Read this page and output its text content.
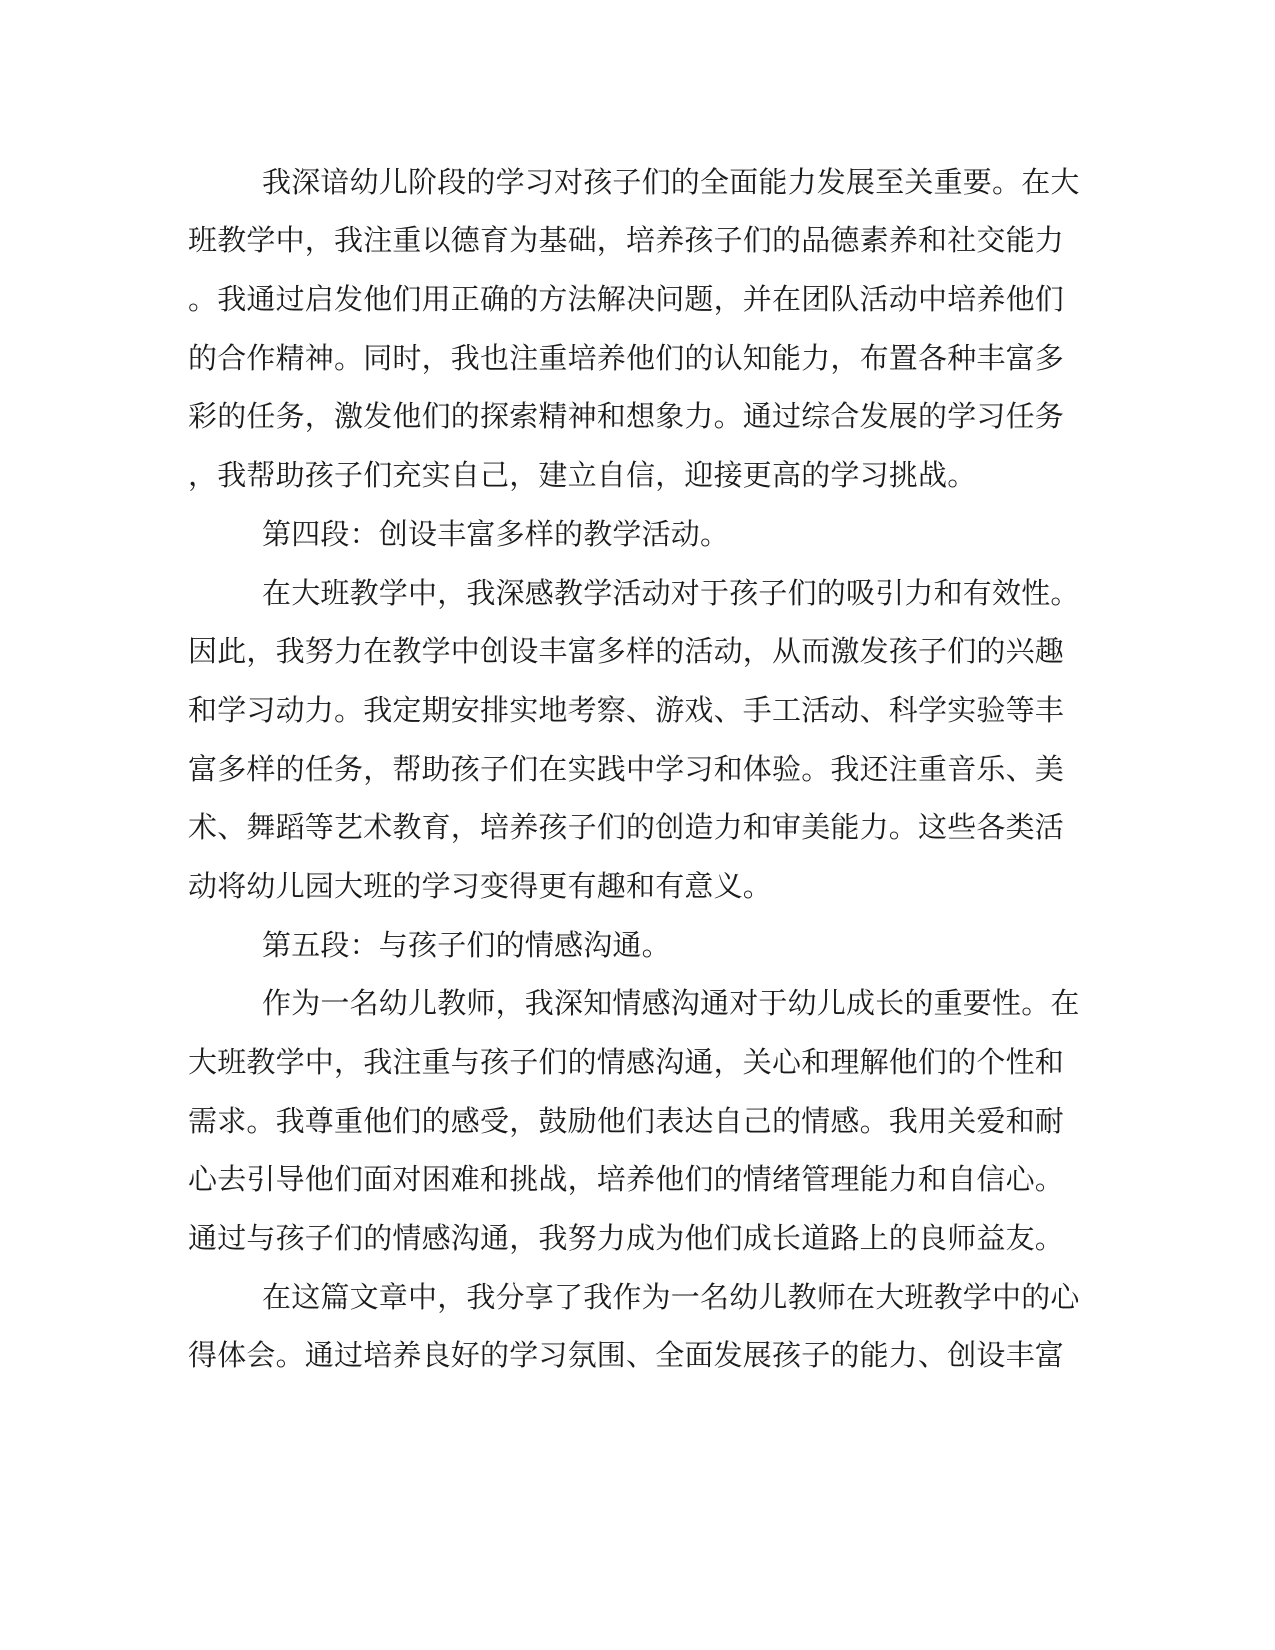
我深谙幼儿阶段的学习对孩子们的全面能力发展至关重要。在大
班教学中，我注重以德育为基础，培养孩子们的品德素养和社交能力
。我通过启发他们用正确的方法解决问题，并在团队活动中培养他们
的合作精神。同时，我也注重培养他们的认知能力，布置各种丰富多
彩的任务，激发他们的探索精神和想象力。通过综合发展的学习任务
，我帮助孩子们充实自己，建立自信，迎接更高的学习挑战。
第四段：创设丰富多样的教学活动。
在大班教学中，我深感教学活动对于孩子们的吸引力和有效性。
因此，我努力在教学中创设丰富多样的活动，从而激发孩子们的兴趣
和学习动力。我定期安排实地考察、游戏、手工活动、科学实验等丰
富多样的任务，帮助孩子们在实践中学习和体验。我还注重音乐、美
术、舞蹈等艺术教育，培养孩子们的创造力和审美能力。这些各类活
动将幼儿园大班的学习变得更有趣和有意义。
第五段：与孩子们的情感沟通。
作为一名幼儿教师，我深知情感沟通对于幼儿成长的重要性。在
大班教学中，我注重与孩子们的情感沟通，关心和理解他们的个性和
需求。我尊重他们的感受，鼓励他们表达自己的情感。我用关爱和耐
心去引导他们面对困难和挑战，培养他们的情绪管理能力和自信心。
通过与孩子们的情感沟通，我努力成为他们成长道路上的良师益友。
在这篇文章中，我分享了我作为一名幼儿教师在大班教学中的心
得体会。通过培养良好的学习氛围、全面发展孩子的能力、创设丰富
